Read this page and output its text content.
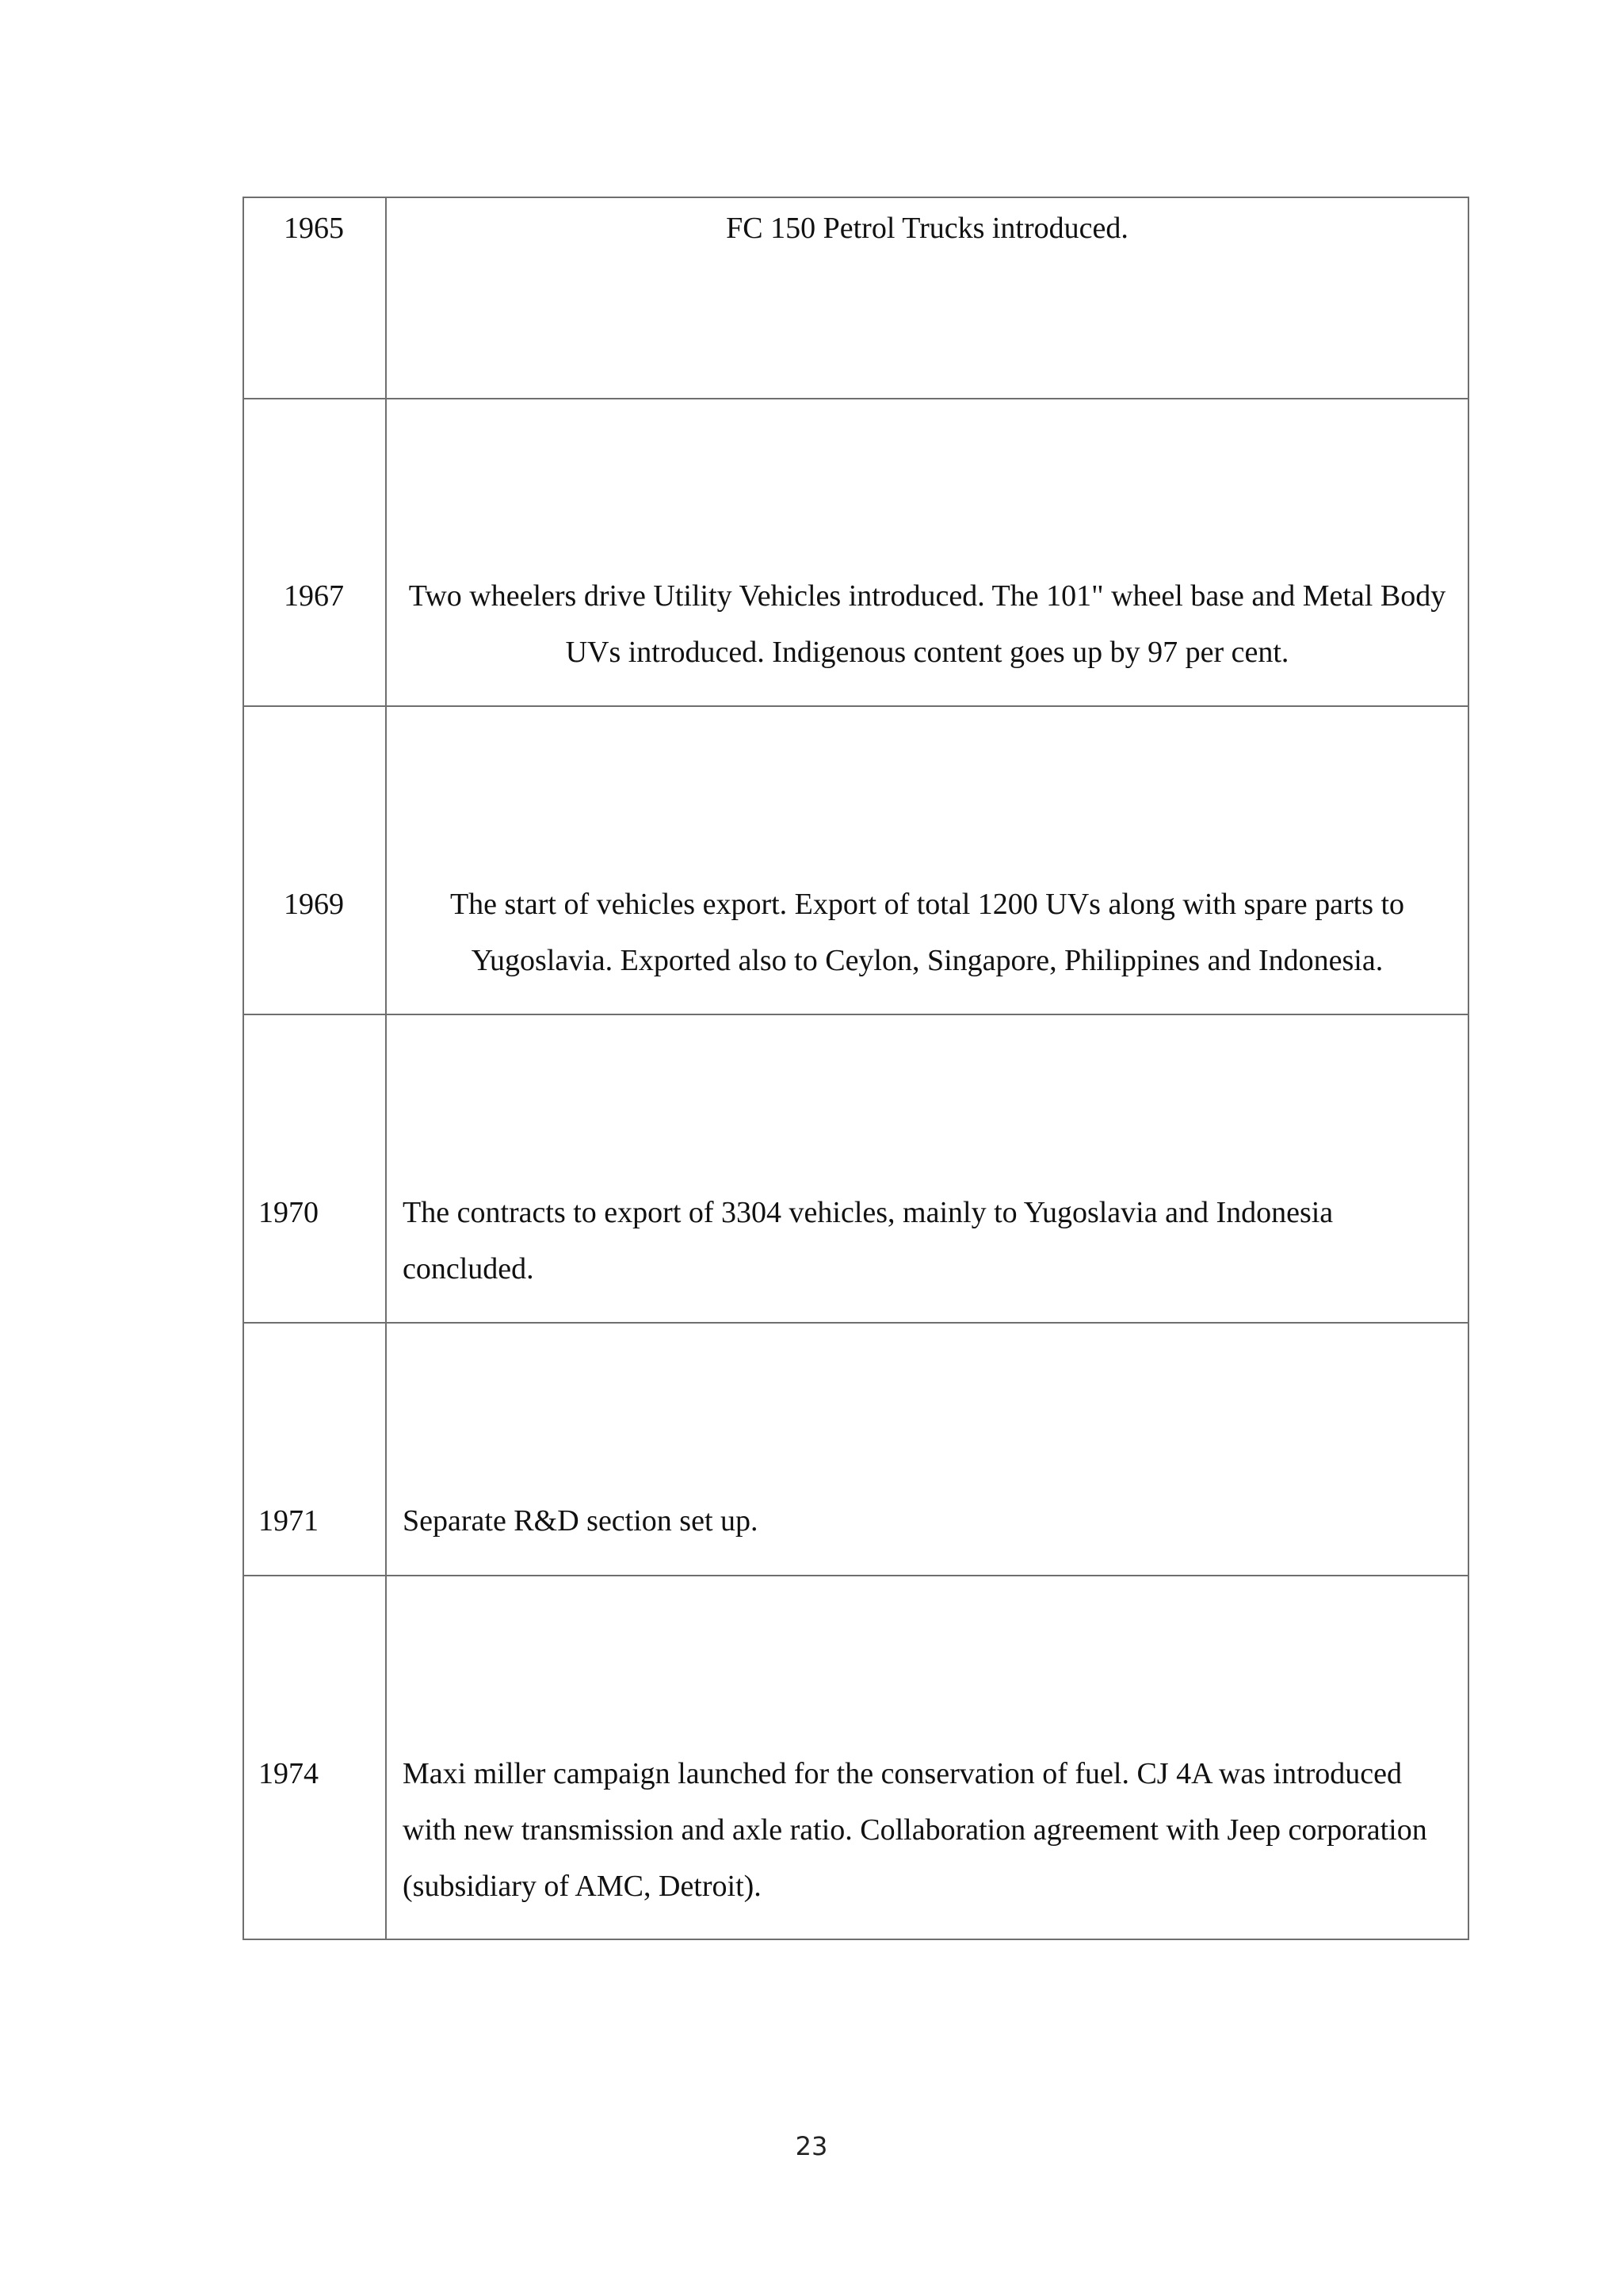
1965	FC 150 Petrol Trucks introduced.

1967	Two wheelers drive Utility Vehicles introduced. The 101" wheel base and Metal Body UVs introduced. Indigenous content goes up by 97 per cent.

1969	The start of vehicles export. Export of total 1200 UVs along with spare parts to Yugoslavia. Exported also to Ceylon, Singapore, Philippines and Indonesia.

1970	The contracts to export of 3304 vehicles, mainly to Yugoslavia and Indonesia concluded.

1971	Separate R&D section set up.

1974	Maxi miller campaign launched for the conservation of fuel. CJ 4A was introduced with new transmission and axle ratio. Collaboration agreement with Jeep corporation (subsidiary of AMC, Detroit).
23
